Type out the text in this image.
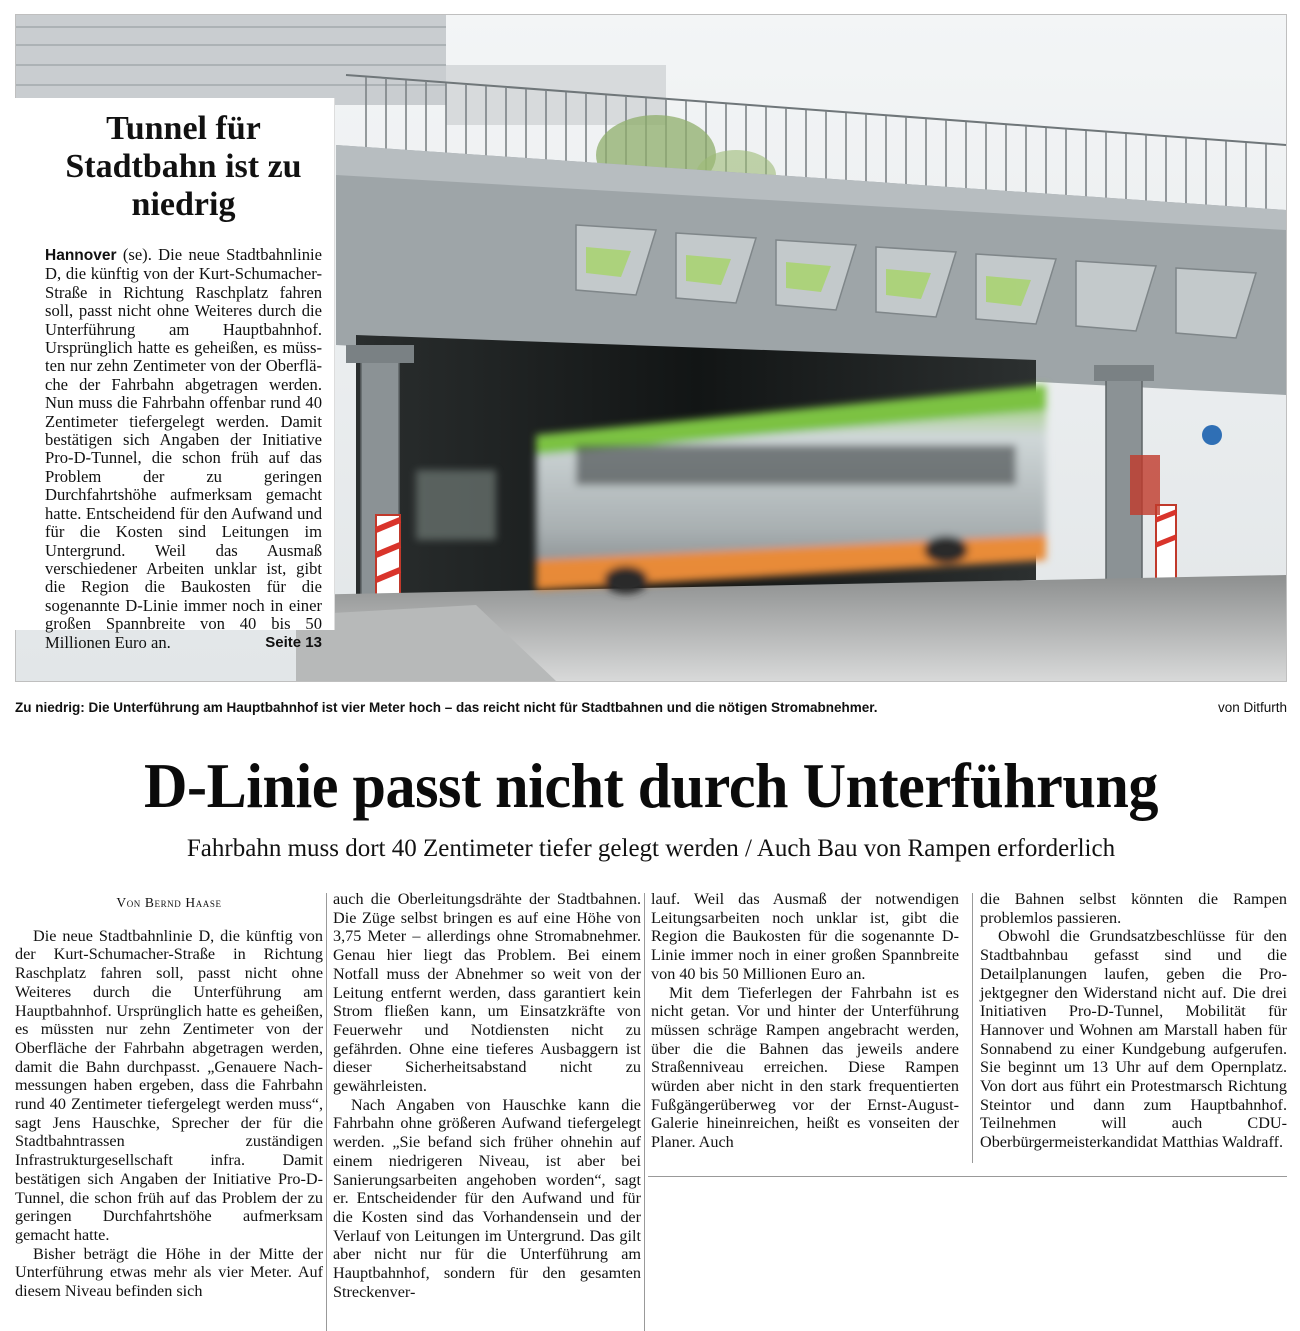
Tunnel für Stadtbahn ist zu niedrig
Hannover (se). Die neue Stadtbahnlinie D, die künftig von der Kurt-Schumacher-Straße in Richtung Raschplatz fahren soll, passt nicht ohne Weiteres durch die Unterführung am Hauptbahnhof. Ursprünglich hatte es geheißen, es müssten nur zehn Zentimeter von der Oberfläche der Fahrbahn abgetragen werden. Nun muss die Fahrbahn offenbar rund 40 Zentimeter tiefergelegt werden. Damit bestätigen sich Angaben der Initiative Pro-D-Tunnel, die schon früh auf das Problem der zu geringen Durchfahrtshöhe aufmerksam gemacht hatte. Entscheidend für den Aufwand und für die Kosten sind Leitungen im Untergrund. Weil das Ausmaß verschiedener Arbeiten unklar ist, gibt die Region die Baukosten für die sogenannte D-Linie immer noch in einer großen Spannbreite von 40 bis 50 Millionen Euro an.	Seite 13
Zu niedrig: Die Unterführung am Hauptbahnhof ist vier Meter hoch – das reicht nicht für Stadtbahnen und die nötigen Stromabnehmer.	von Ditfurth
D-Linie passt nicht durch Unterführung
Fahrbahn muss dort 40 Zentimeter tiefer gelegt werden / Auch Bau von Rampen erforderlich

Von Bernd Haase

Die neue Stadtbahnlinie D, die künftig von der Kurt-Schumacher-Straße in Richtung Raschplatz fahren soll, passt nicht ohne Weiteres durch die Unterführung am Hauptbahnhof. Ursprünglich hatte es geheißen, es müssten nur zehn Zentimeter von der Oberfläche der Fahrbahn abgetragen werden, damit die Bahn durchpasst. „Genauere Nachmessungen haben ergeben, dass die Fahrbahn rund 40 Zentimeter tiefergelegt werden muss“, sagt Jens Hauschke, Sprecher der für die Stadtbahntrassen zuständigen Infrastrukturgesellschaft infra. Damit bestätigen sich Angaben der Initiative Pro-D-Tunnel, die schon früh auf das Problem der zu geringen Durchfahrtshöhe aufmerksam gemacht hatte.

Bisher beträgt die Höhe in der Mitte der Unterführung etwas mehr als vier Meter. Auf diesem Niveau befinden sich

auch die Oberleitungsdrähte der Stadtbahnen. Die Züge selbst bringen es auf eine Höhe von 3,75 Meter – allerdings ohne Stromabnehmer. Genau hier liegt das Problem. Bei einem Notfall muss der Abnehmer so weit von der Leitung entfernt werden, dass garantiert kein Strom fließen kann, um Einsatzkräfte von Feuerwehr und Notdiensten nicht zu gefährden. Ohne eine tieferes Ausbaggern ist dieser Sicherheitsabstand nicht zu gewährleisten.

Nach Angaben von Hauschke kann die Fahrbahn ohne größeren Aufwand tiefergelegt werden. „Sie befand sich früher ohnehin auf einem niedrigeren Niveau, ist aber bei Sanierungsarbeiten angehoben worden“, sagt er. Entscheidender für den Aufwand und für die Kosten sind das Vorhandensein und der Verlauf von Leitungen im Untergrund. Das gilt aber nicht nur für die Unterführung am Hauptbahnhof, sondern für den gesamten Streckenver-

lauf. Weil das Ausmaß der notwendigen Leitungsarbeiten noch unklar ist, gibt die Region die Baukosten für die sogenannte D-Linie immer noch in einer großen Spannbreite von 40 bis 50 Millionen Euro an.

Mit dem Tieferlegen der Fahrbahn ist es nicht getan. Vor und hinter der Unterführung müssen schräge Rampen angebracht werden, über die die Bahnen das jeweils andere Straßenniveau erreichen. Diese Rampen würden aber nicht in den stark frequentierten Fußgängerüberweg vor der Ernst-August-Galerie hineinreichen, heißt es vonseiten der Planer. Auch

die Bahnen selbst könnten die Rampen problemlos passieren.

Obwohl die Grundsatzbeschlüsse für den Stadtbahnbau gefasst sind und die Detailplanungen laufen, geben die Projektgegner den Widerstand nicht auf. Die drei Initiativen Pro-D-Tunnel, Mobilität für Hannover und Wohnen am Marstall haben für Sonnabend zu einer Kundgebung aufgerufen. Sie beginnt um 13 Uhr auf dem Opernplatz. Von dort aus führt ein Protestmarsch Richtung Steintor und dann zum Hauptbahnhof. Teilnehmen will auch CDU-Oberbürgermeisterkandidat Matthias Waldraff.
